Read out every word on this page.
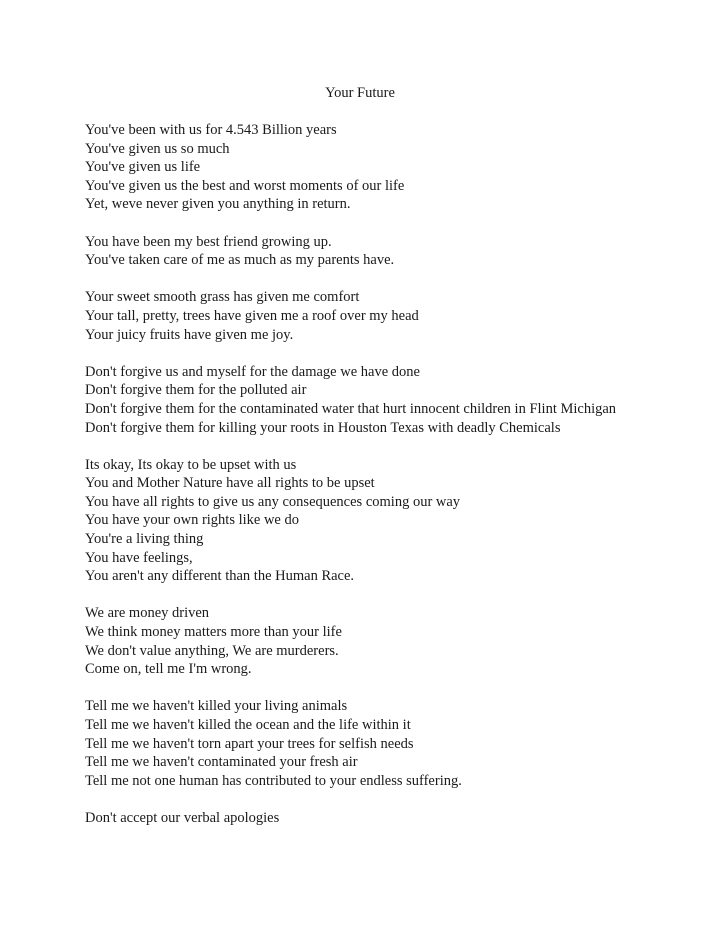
Your Future
You've been with us for 4.543 Billion years
You've given us so much
You've given us life
You've given us the best and worst moments of our life
Yet, weve never given you anything in return.
You have been my best friend growing up.
You've taken care of me as much as my parents have.
Your sweet smooth grass has given me comfort
Your tall, pretty, trees have given me a roof over my head
Your juicy fruits have given me joy.
Don't forgive us and myself for the damage we have done
Don't forgive them for the polluted air
Don't forgive them for the contaminated water that hurt innocent children in Flint Michigan
Don't forgive them for killing your roots in Houston Texas with deadly Chemicals
Its okay, Its okay to be upset with us
You and Mother Nature have all rights to be upset
You have all rights to give us any consequences coming our way
You have your own rights like we do
You're a living thing
You have feelings,
You aren't any different than the Human Race.
We are money driven
We think money matters more than your life
We don't value anything, We are murderers.
Come on, tell me I'm wrong.
Tell me we haven't killed your living animals
Tell me we haven't killed the ocean and the life within it
Tell me we haven't torn apart your trees for selfish needs
Tell me we haven't contaminated your fresh air
Tell me not one human has contributed to your endless suffering.
Don't accept our verbal apologies
